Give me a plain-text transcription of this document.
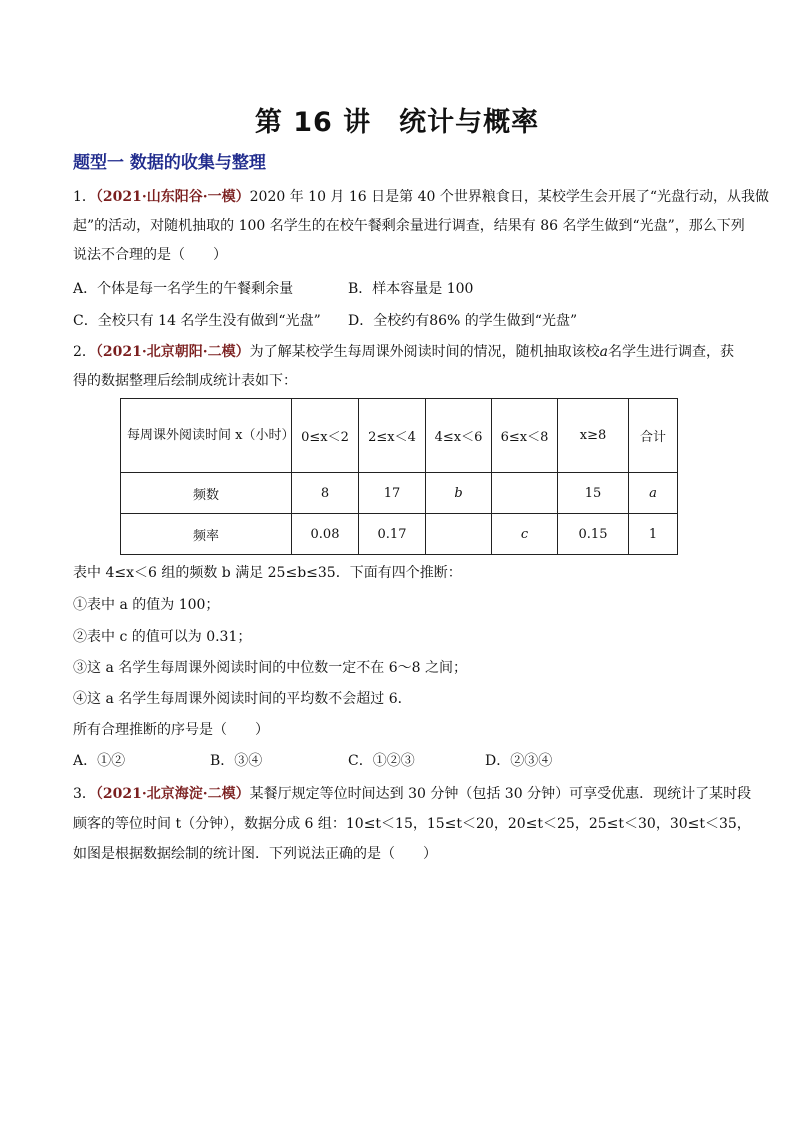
第 16 讲　统计与概率
题型一 数据的收集与整理
1．（2021·山东阳谷·一模）2020 年 10 月 16 日是第 40 个世界粮食日，某校学生会开展了“光盘行动，从我做
起”的活动，对随机抽取的 100 名学生的在校午餐剩余量进行调查，结果有 86 名学生做到“光盘”，那么下列
说法不合理的是（　　）
A．个体是每一名学生的午餐剩余量	B．样本容量是 100
C．全校只有 14 名学生没有做到“光盘” D．全校约有86% 的学生做到“光盘”
2．（2021·北京朝阳·二模）为了解某校学生每周课外阅读时间的情况，随机抽取该校a名学生进行调查，获
得的数据整理后绘制成统计表如下：
每周课外阅读时间 x（小时）	0≤x＜2	2≤x＜4	4≤x＜6	6≤x＜8	x≥8	合计
频数	8	17	b		15	a
频率	0.08	0.17		c	0.15	1
表中 4≤x＜6 组的频数 b 满足 25≤b≤35．下面有四个推断：
①表中 a 的值为 100；
②表中 c 的值可以为 0.31；
③这 a 名学生每周课外阅读时间的中位数一定不在 6～8 之间；
④这 a 名学生每周课外阅读时间的平均数不会超过 6．
所有合理推断的序号是（　　）
A．①②	B．③④	C．①②③	D．②③④
3．（2021·北京海淀·二模）某餐厅规定等位时间达到 30 分钟（包括 30 分钟）可享受优惠．现统计了某时段
顾客的等位时间 t（分钟），数据分成 6 组：10≤t＜15，15≤t＜20，20≤t＜25，25≤t＜30，30≤t＜35，
如图是根据数据绘制的统计图．下列说法正确的是（　　）
